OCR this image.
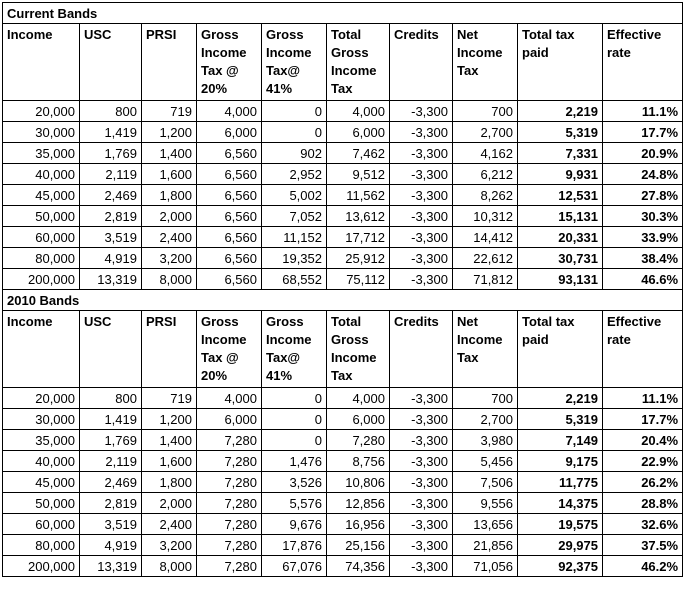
Current Bands									
Income	USC	PRSI	Gross Income Tax @ 20%	Gross Income Tax@ 41%	Total Gross Income Tax	Credits	Net Income Tax	Total tax paid	Effective rate
20,000	800	719	4,000	0	4,000	-3,300	700	2,219	11.1%
30,000	1,419	1,200	6,000	0	6,000	-3,300	2,700	5,319	17.7%
35,000	1,769	1,400	6,560	902	7,462	-3,300	4,162	7,331	20.9%
40,000	2,119	1,600	6,560	2,952	9,512	-3,300	6,212	9,931	24.8%
45,000	2,469	1,800	6,560	5,002	11,562	-3,300	8,262	12,531	27.8%
50,000	2,819	2,000	6,560	7,052	13,612	-3,300	10,312	15,131	30.3%
60,000	3,519	2,400	6,560	11,152	17,712	-3,300	14,412	20,331	33.9%
80,000	4,919	3,200	6,560	19,352	25,912	-3,300	22,612	30,731	38.4%
200,000	13,319	8,000	6,560	68,552	75,112	-3,300	71,812	93,131	46.6%
2010 Bands									
Income	USC	PRSI	Gross Income Tax @ 20%	Gross Income Tax@ 41%	Total Gross Income Tax	Credits	Net Income Tax	Total tax paid	Effective rate
20,000	800	719	4,000	0	4,000	-3,300	700	2,219	11.1%
30,000	1,419	1,200	6,000	0	6,000	-3,300	2,700	5,319	17.7%
35,000	1,769	1,400	7,280	0	7,280	-3,300	3,980	7,149	20.4%
40,000	2,119	1,600	7,280	1,476	8,756	-3,300	5,456	9,175	22.9%
45,000	2,469	1,800	7,280	3,526	10,806	-3,300	7,506	11,775	26.2%
50,000	2,819	2,000	7,280	5,576	12,856	-3,300	9,556	14,375	28.8%
60,000	3,519	2,400	7,280	9,676	16,956	-3,300	13,656	19,575	32.6%
80,000	4,919	3,200	7,280	17,876	25,156	-3,300	21,856	29,975	37.5%
200,000	13,319	8,000	7,280	67,076	74,356	-3,300	71,056	92,375	46.2%
